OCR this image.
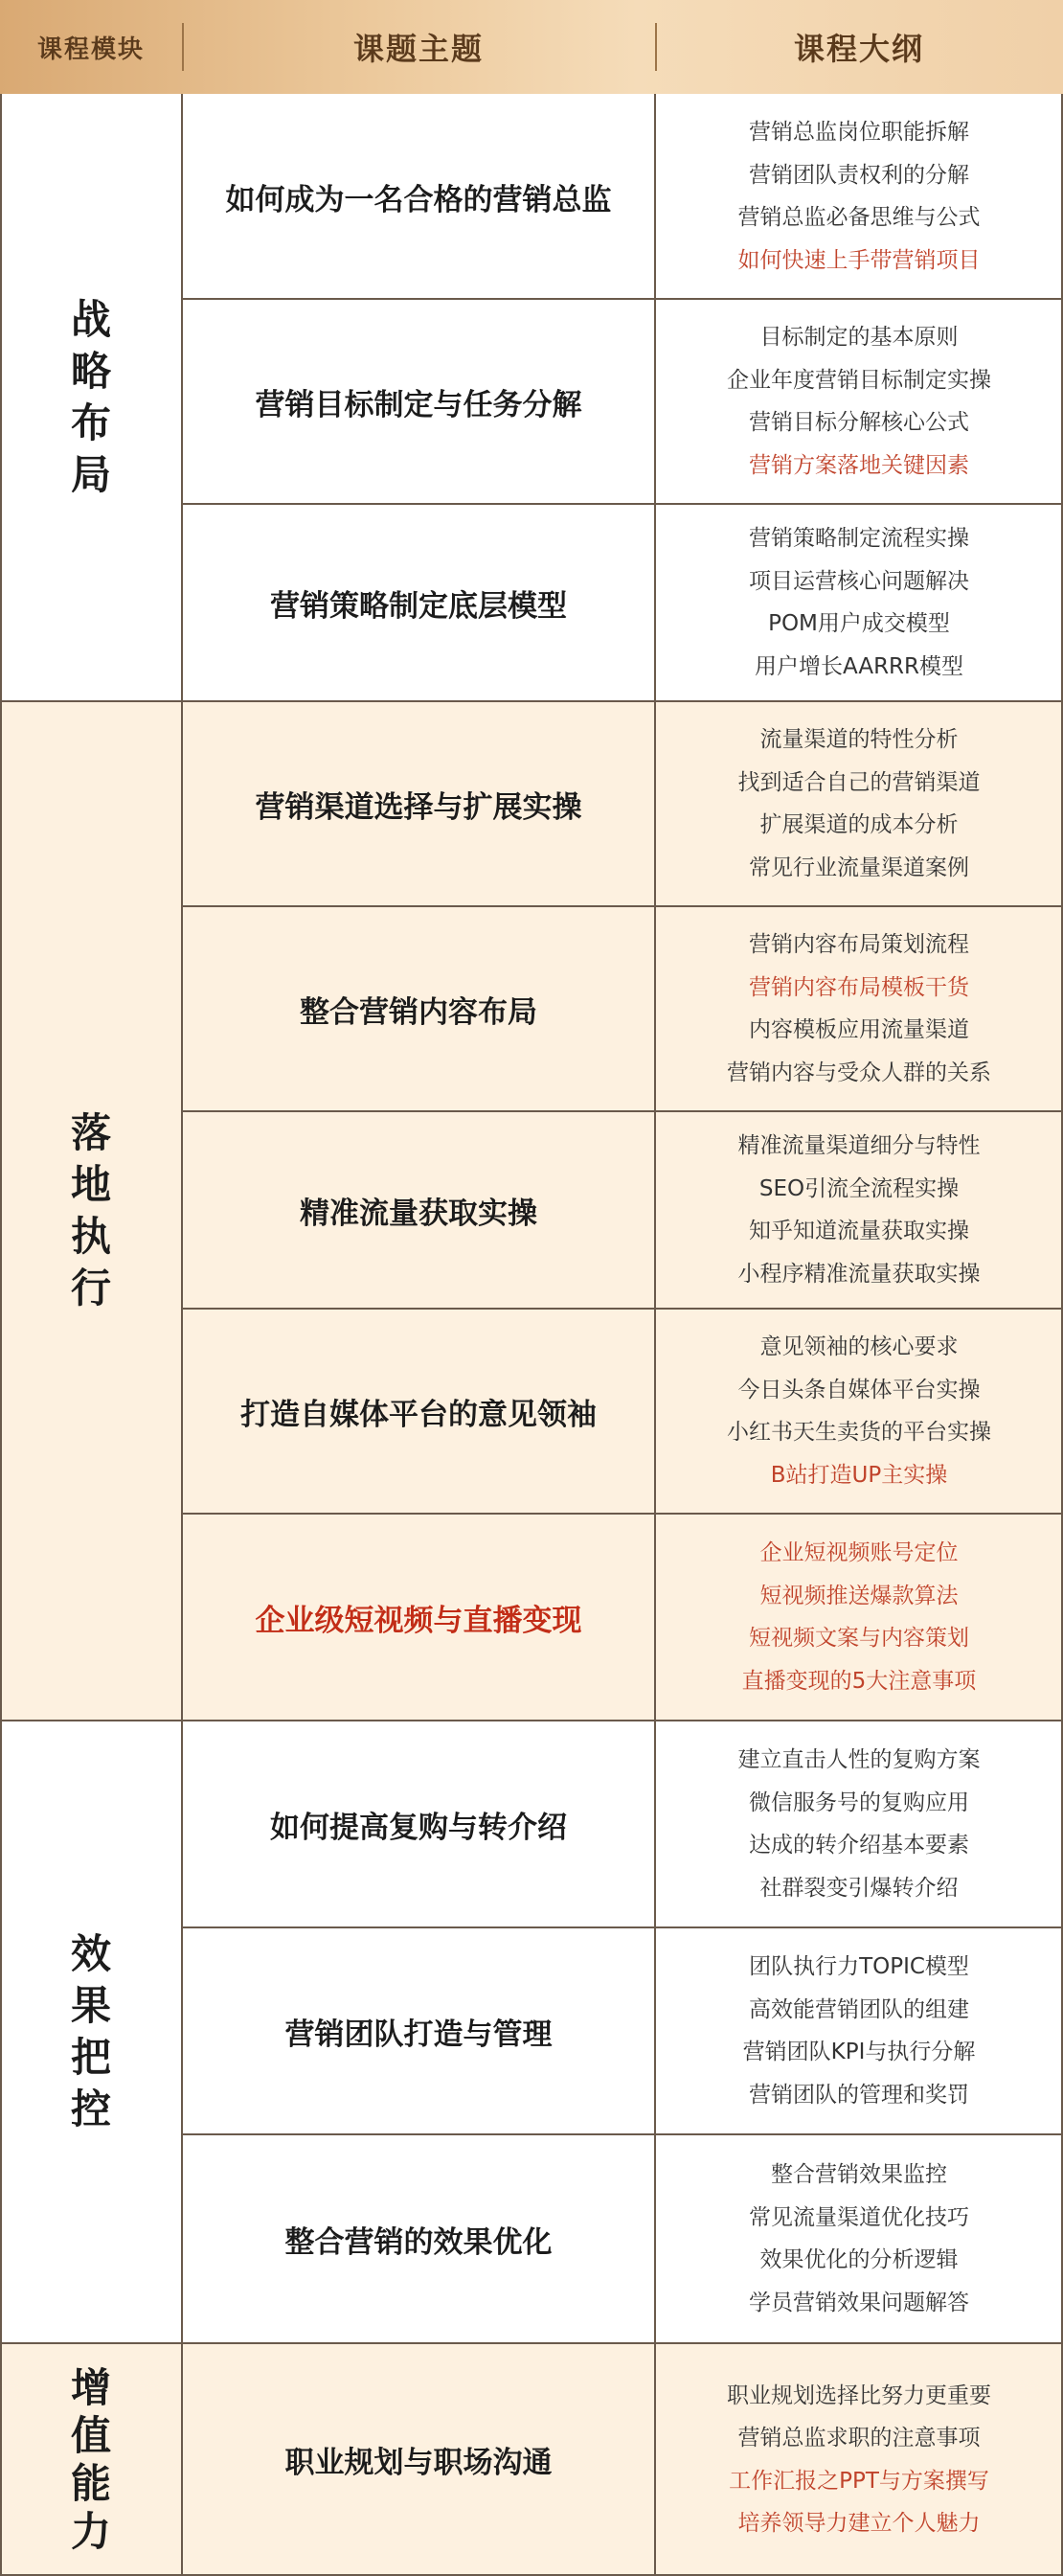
课程模块	课题主题	课程大纲
战略布局
如何成为一名合格的营销总监
营销总监岗位职能拆解
营销团队责权利的分解
营销总监必备思维与公式
如何快速上手带营销项目
营销目标制定与任务分解
目标制定的基本原则
企业年度营销目标制定实操
营销目标分解核心公式
营销方案落地关键因素
营销策略制定底层模型
营销策略制定流程实操
项目运营核心问题解决
POM用户成交模型
用户增长AARRR模型
落地执行
营销渠道选择与扩展实操
流量渠道的特性分析
找到适合自己的营销渠道
扩展渠道的成本分析
常见行业流量渠道案例
整合营销内容布局
营销内容布局策划流程
营销内容布局模板干货
内容模板应用流量渠道
营销内容与受众人群的关系
精准流量获取实操
精准流量渠道细分与特性
SEO引流全流程实操
知乎知道流量获取实操
小程序精准流量获取实操
打造自媒体平台的意见领袖
意见领袖的核心要求
今日头条自媒体平台实操
小红书天生卖货的平台实操
B站打造UP主实操
企业级短视频与直播变现
企业短视频账号定位
短视频推送爆款算法
短视频文案与内容策划
直播变现的5大注意事项
效果把控
如何提高复购与转介绍
建立直击人性的复购方案
微信服务号的复购应用
达成的转介绍基本要素
社群裂变引爆转介绍
营销团队打造与管理
团队执行力TOPIC模型
高效能营销团队的组建
营销团队KPI与执行分解
营销团队的管理和奖罚
整合营销的效果优化
整合营销效果监控
常见流量渠道优化技巧
效果优化的分析逻辑
学员营销效果问题解答
增值能力
职业规划与职场沟通
职业规划选择比努力更重要
营销总监求职的注意事项
工作汇报之PPT与方案撰写
培养领导力建立个人魅力
